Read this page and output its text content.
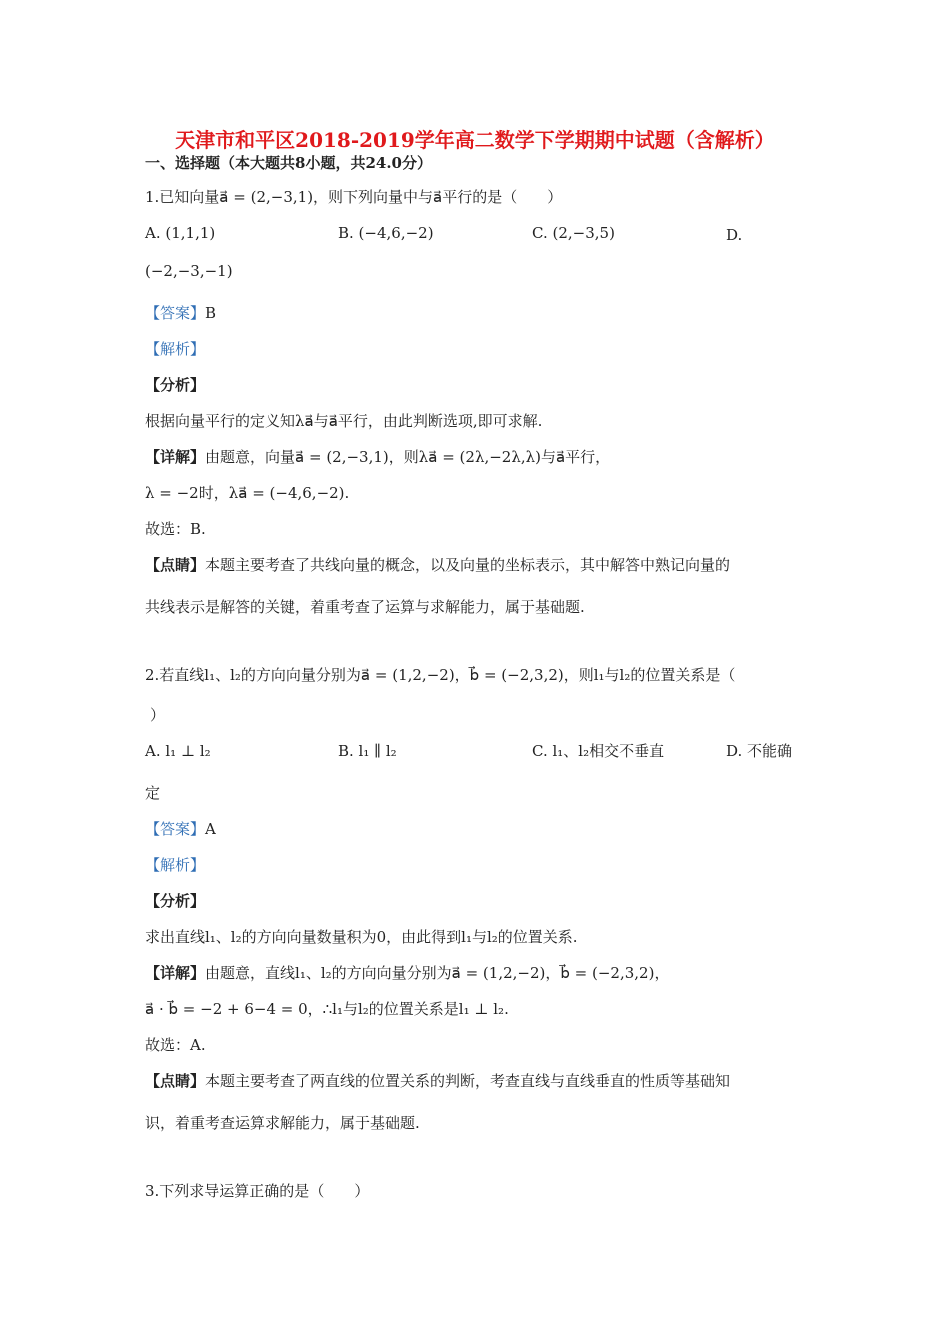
天津市和平区2018-2019学年高二数学下学期期中试题（含解析）
一、选择题（本大题共8小题，共24.0分）
1.已知向量a⃗ = (2,−3,1)，则下列向量中与a⃗平行的是（　　）
A. (1,1,1)	B. (−4,6,−2)	C. (2,−3,5)	D.
(−2,−3,−1)
【答案】B
【解析】
【分析】
根据向量平行的定义知λa⃗与a⃗平行，由此判断选项,即可求解.
【详解】由题意，向量a⃗ = (2,−3,1)，则λa⃗ = (2λ,−2λ,λ)与a⃗平行，
λ = −2时，λa⃗ = (−4,6,−2).
故选：B.
【点睛】本题主要考查了共线向量的概念，以及向量的坐标表示，其中解答中熟记向量的
共线表示是解答的关键，着重考查了运算与求解能力，属于基础题.
2.若直线l₁、l₂的方向向量分别为a⃗ = (1,2,−2)，b⃗ = (−2,3,2)，则l₁与l₂的位置关系是（
）
A. l₁ ⊥ l₂	B. l₁ ∥ l₂	C. l₁、l₂相交不垂直	D. 不能确
定
【答案】A
【解析】
【分析】
求出直线l₁、l₂的方向向量数量积为0，由此得到l₁与l₂的位置关系.
【详解】由题意，直线l₁、l₂的方向向量分别为a⃗ = (1,2,−2)，b⃗ = (−2,3,2)，
a⃗ · b⃗ = −2 + 6−4 = 0，∴l₁与l₂的位置关系是l₁ ⊥ l₂.
故选：A.
【点睛】本题主要考查了两直线的位置关系的判断，考查直线与直线垂直的性质等基础知
识，着重考查运算求解能力，属于基础题.
3.下列求导运算正确的是（　　）
